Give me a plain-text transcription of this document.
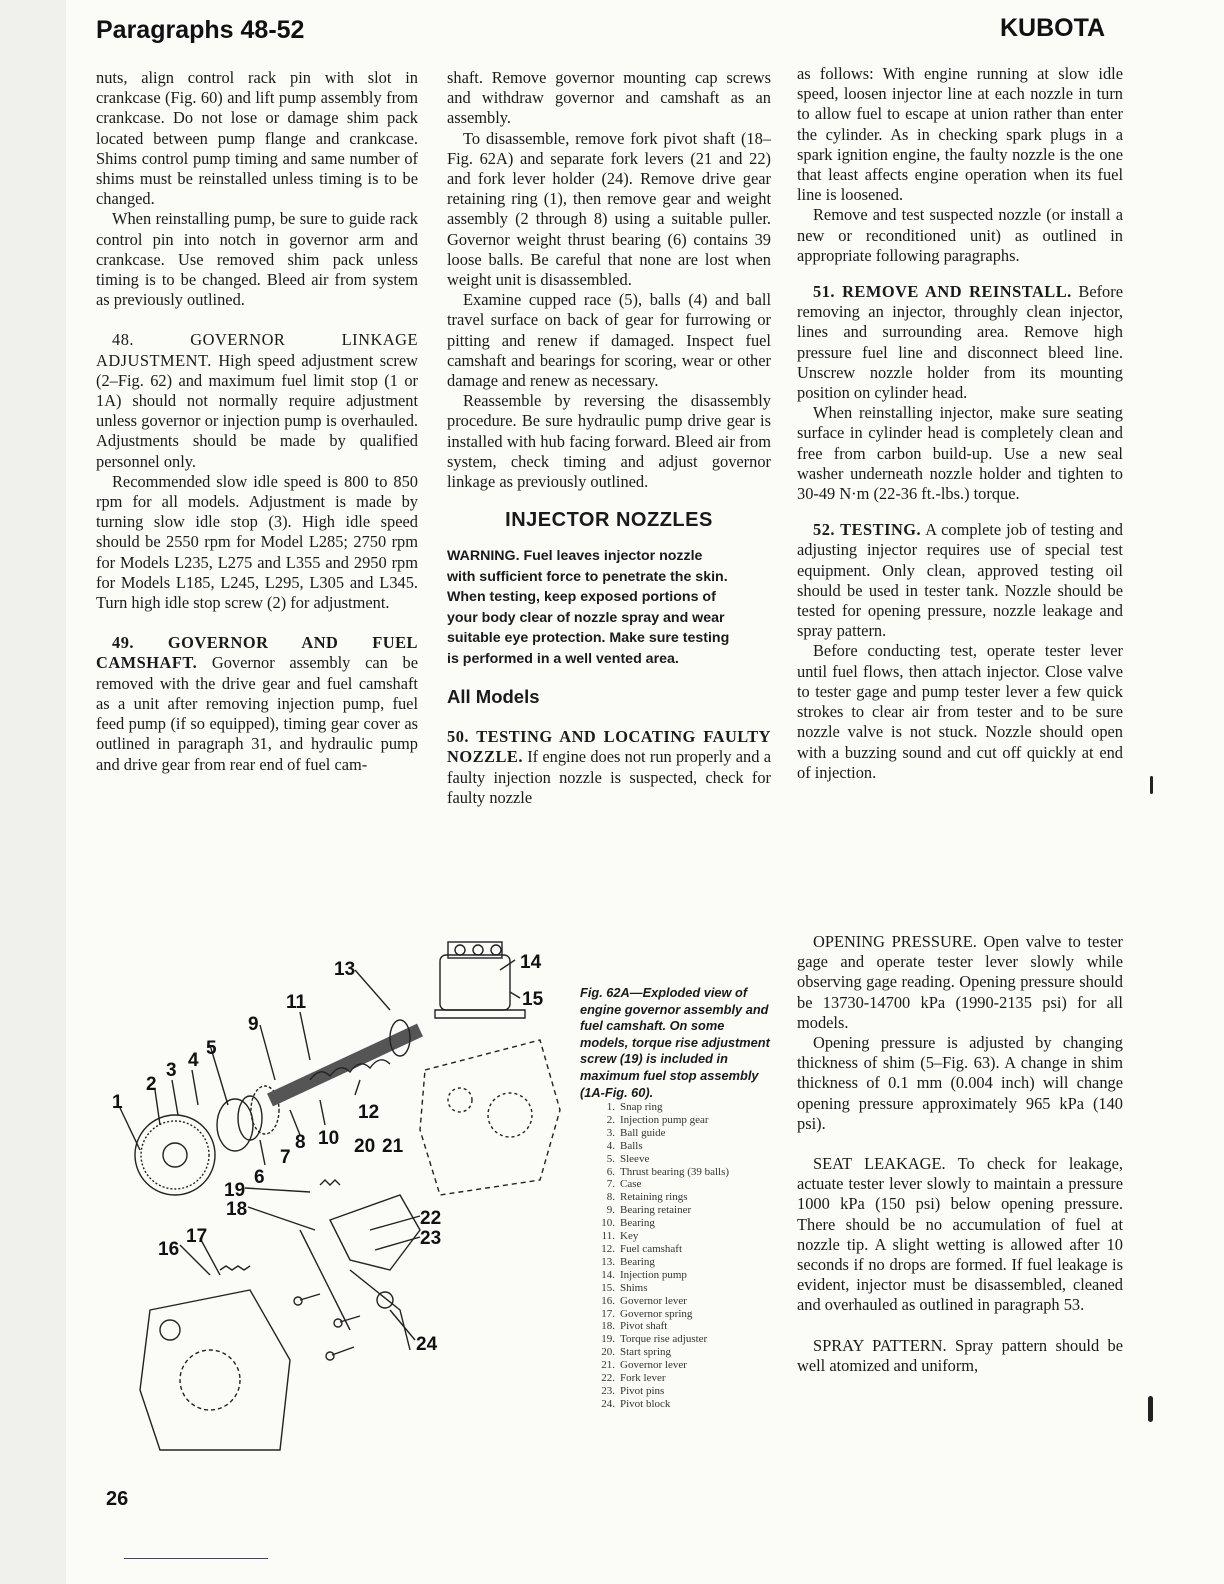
Paragraphs 48-52	KUBOTA

nuts, align control rack pin with slot in crankcase (Fig. 60) and lift pump assembly from crankcase. Do not lose or damage shim pack located between pump flange and crankcase. Shims control pump timing and same number of shims must be reinstalled unless timing is to be changed.

When reinstalling pump, be sure to guide rack control pin into notch in governor arm and crankcase. Use removed shim pack unless timing is to be changed. Bleed air from system as previously outlined.

48. GOVERNOR LINKAGE ADJUSTMENT. High speed adjustment screw (2–Fig. 62) and maximum fuel limit stop (1 or 1A) should not normally require adjustment unless governor or injection pump is overhauled. Adjustments should be made by qualified personnel only.

Recommended slow idle speed is 800 to 850 rpm for all models. Adjustment is made by turning slow idle stop (3). High idle speed should be 2550 rpm for Model L285; 2750 rpm for Models L235, L275 and L355 and 2950 rpm for Models L185, L245, L295, L305 and L345. Turn high idle stop screw (2) for adjustment.

49. GOVERNOR AND FUEL CAMSHAFT. Governor assembly can be removed with the drive gear and fuel camshaft as a unit after removing injection pump, fuel feed pump (if so equipped), timing gear cover as outlined in paragraph 31, and hydraulic pump and drive gear from rear end of fuel cam-

shaft. Remove governor mounting cap screws and withdraw governor and camshaft as an assembly.

To disassemble, remove fork pivot shaft (18–Fig. 62A) and separate fork levers (21 and 22) and fork lever holder (24). Remove drive gear retaining ring (1), then remove gear and weight assembly (2 through 8) using a suitable puller. Governor weight thrust bearing (6) contains 39 loose balls. Be careful that none are lost when weight unit is disassembled.

Examine cupped race (5), balls (4) and ball travel surface on back of gear for furrowing or pitting and renew if damaged. Inspect fuel camshaft and bearings for scoring, wear or other damage and renew as necessary.

Reassemble by reversing the disassembly procedure. Be sure hydraulic pump drive gear is installed with hub facing forward. Bleed air from system, check timing and adjust governor linkage as previously outlined.

INJECTOR NOZZLES
WARNING. Fuel leaves injector nozzle
with sufficient force to penetrate the skin.
When testing, keep exposed portions of
your body clear of nozzle spray and wear
suitable eye protection. Make sure testing
is performed in a well vented area.
All Models

50. TESTING AND LOCATING FAULTY NOZZLE. If engine does not run properly and a faulty injection nozzle is suspected, check for faulty nozzle

as follows: With engine running at slow idle speed, loosen injector line at each nozzle in turn to allow fuel to escape at union rather than enter the cylinder. As in checking spark plugs in a spark ignition engine, the faulty nozzle is the one that least affects engine operation when its fuel line is loosened.

Remove and test suspected nozzle (or install a new or reconditioned unit) as outlined in appropriate following paragraphs.

51. REMOVE AND REINSTALL. Before removing an injector, throughly clean injector, lines and surrounding area. Remove high pressure fuel line and disconnect bleed line. Unscrew nozzle holder from its mounting position on cylinder head.

When reinstalling injector, make sure seating surface in cylinder head is completely clean and free from carbon build-up. Use a new seal washer underneath nozzle holder and tighten to 30-49 N·m (22-36 ft.-lbs.) torque.

52. TESTING. A complete job of testing and adjusting injector requires use of special test equipment. Only clean, approved testing oil should be used in tester tank. Nozzle should be tested for opening pressure, nozzle leakage and spray pattern.

Before conducting test, operate tester lever until fuel flows, then attach injector. Close valve to tester gage and pump tester lever a few quick strokes to clear air from tester and to be sure nozzle valve is not stuck. Nozzle should open with a buzzing sound and cut off quickly at end of injection.

OPENING PRESSURE. Open valve to tester gage and operate tester lever slowly while observing gage reading. Opening pressure should be 13730-14700 kPa (1990-2135 psi) for all models.

Opening pressure is adjusted by changing thickness of shim (5–Fig. 63). A change in shim thickness of 0.1 mm (0.004 inch) will change opening pressure approximately 965 kPa (140 psi).

SEAT LEAKAGE. To check for leakage, actuate tester lever slowly to maintain a pressure 1000 kPa (150 psi) below opening pressure. There should be no accumulation of fuel at nozzle tip. A slight wetting is allowed after 10 seconds if no drops are formed. If fuel leakage is evident, injector must be disassembled, cleaned and overhauled as outlined in paragraph 53.

SPRAY PATTERN. Spray pattern should be well atomized and uniform,

1
2
3 4
5
6
7
8
9
10
11
12
13	14
15
16
17
18
19
20 21
22
23
24
Fig. 62A—Exploded view of engine governor assembly and fuel camshaft. On some models, torque rise adjustment screw (19) is included in maximum fuel stop assembly (1A-Fig. 60).
1. Snap ring
2. Injection pump gear
3. Ball guide
4. Balls
5. Sleeve
6. Thrust bearing (39 balls)
7. Case
8. Retaining rings
9. Bearing retainer
10. Bearing
11. Key
12. Fuel camshaft
13. Bearing
14. Injection pump
15. Shims
16. Governor lever
17. Governor spring
18. Pivot shaft
19. Torque rise adjuster
20. Start spring
21. Governor lever
22. Fork lever
23. Pivot pins
24. Pivot block
26
